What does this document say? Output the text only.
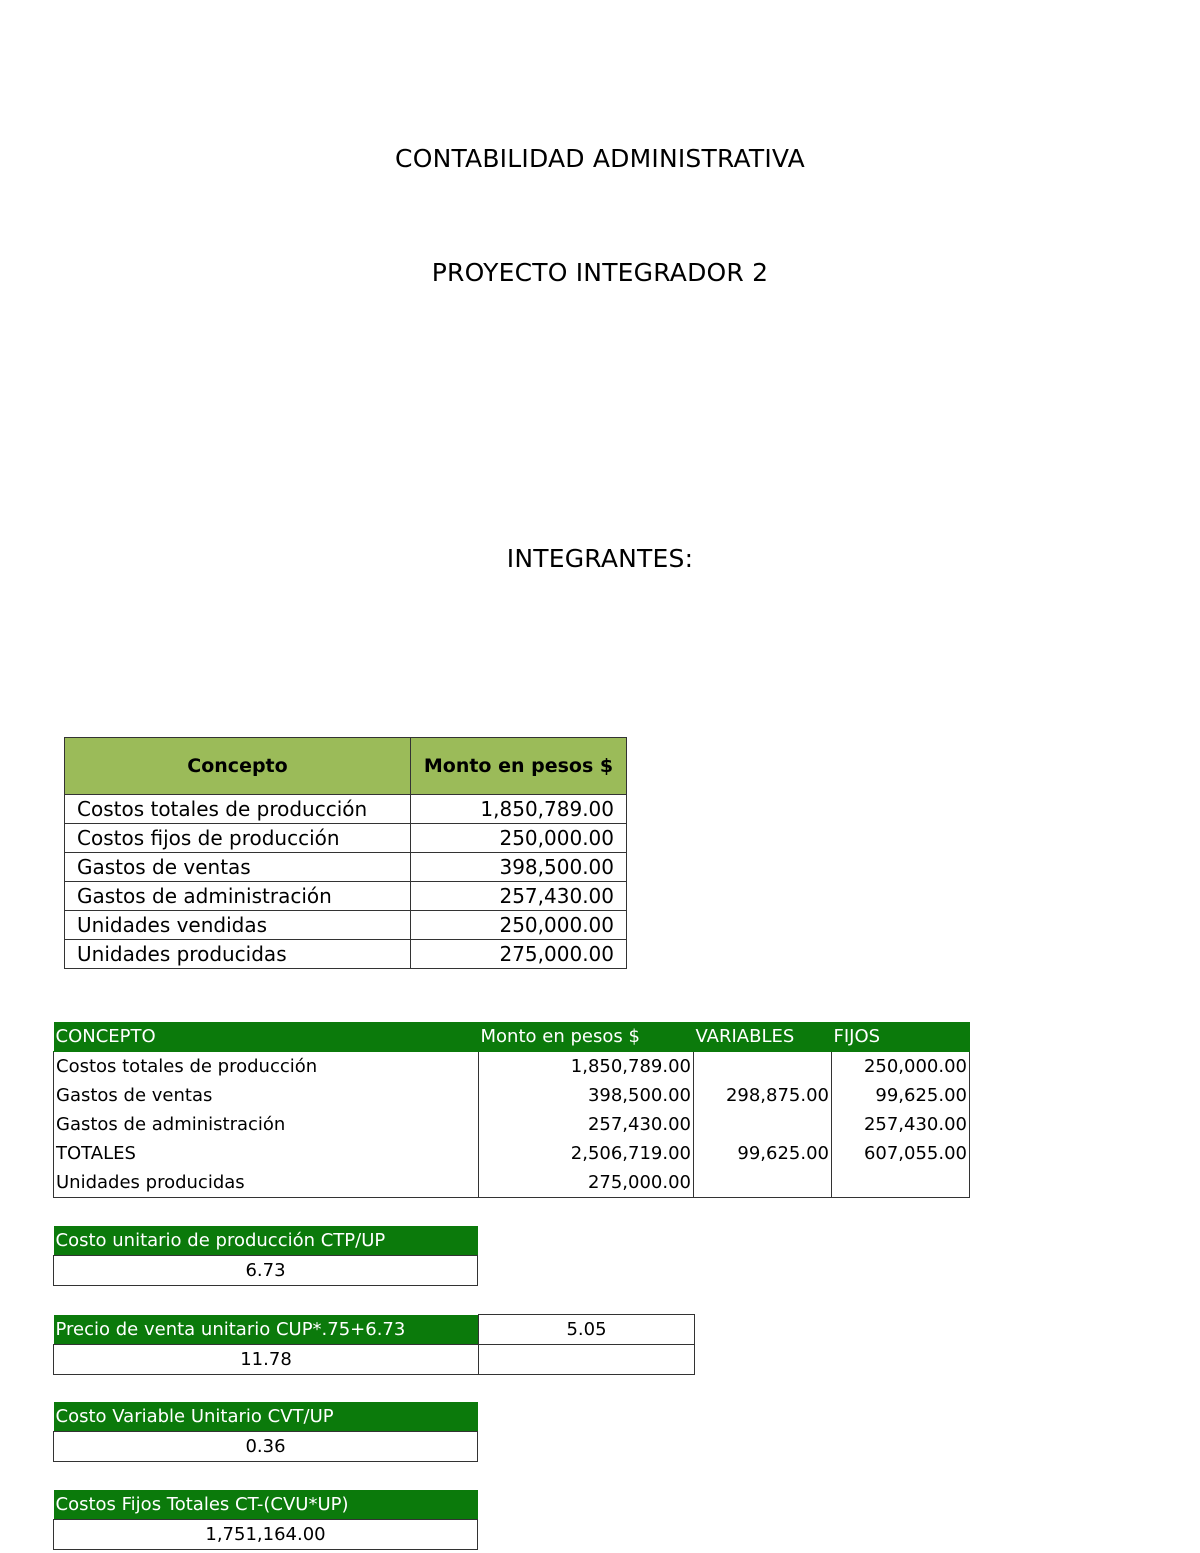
CONTABILIDAD ADMINISTRATIVA
PROYECTO INTEGRADOR 2
INTEGRANTES:
Concepto	Monto en pesos $
Costos totales de producción	1,850,789.00
Costos fijos de producción	250,000.00
Gastos de ventas	398,500.00
Gastos de administración	257,430.00
Unidades vendidas	250,000.00
Unidades producidas	275,000.00
CONCEPTO	Monto en pesos $	VARIABLES	FIJOS
Costos totales de producción	1,850,789.00		250,000.00
Gastos de ventas	398,500.00	298,875.00	99,625.00
Gastos de administración	257,430.00		257,430.00
TOTALES	2,506,719.00	99,625.00	607,055.00
Unidades producidas	275,000.00		
Costo unitario de producción CTP/UP
6.73
Precio de venta unitario CUP*.75+6.73	5.05
11.78	
Costo Variable Unitario CVT/UP
0.36
Costos Fijos Totales CT-(CVU*UP)
1,751,164.00
